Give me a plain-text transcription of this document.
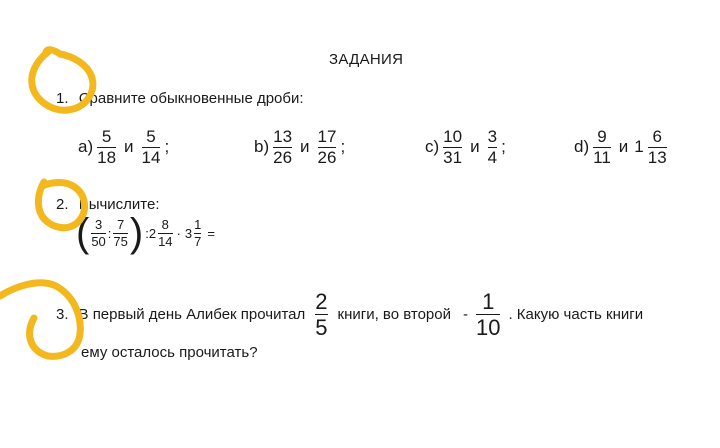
ЗАДАНИЯ
1. Сравните обыкновенные дроби:
$a) \frac{5}{18}$ и $\frac{5}{14}$ ;	$b) \frac{13}{26}$ и $\frac{17}{26}$ ;	$c) \frac{10}{31}$ и $\frac{3}{4}$ ;	$d) \frac{9}{11}$ и $1 \frac{6}{13}$
2. Вычислите:
( $\frac{3}{50}$ : $\frac{7}{75}$ ) :2 $\frac{8}{14} \cdot 3 \frac{1}{7}$ =
3. В первый день Алибек прочитал $\frac{2}{5}$ книги, во второй - $\frac{1}{10}$ . Какую часть книги
ему осталось прочитать?
